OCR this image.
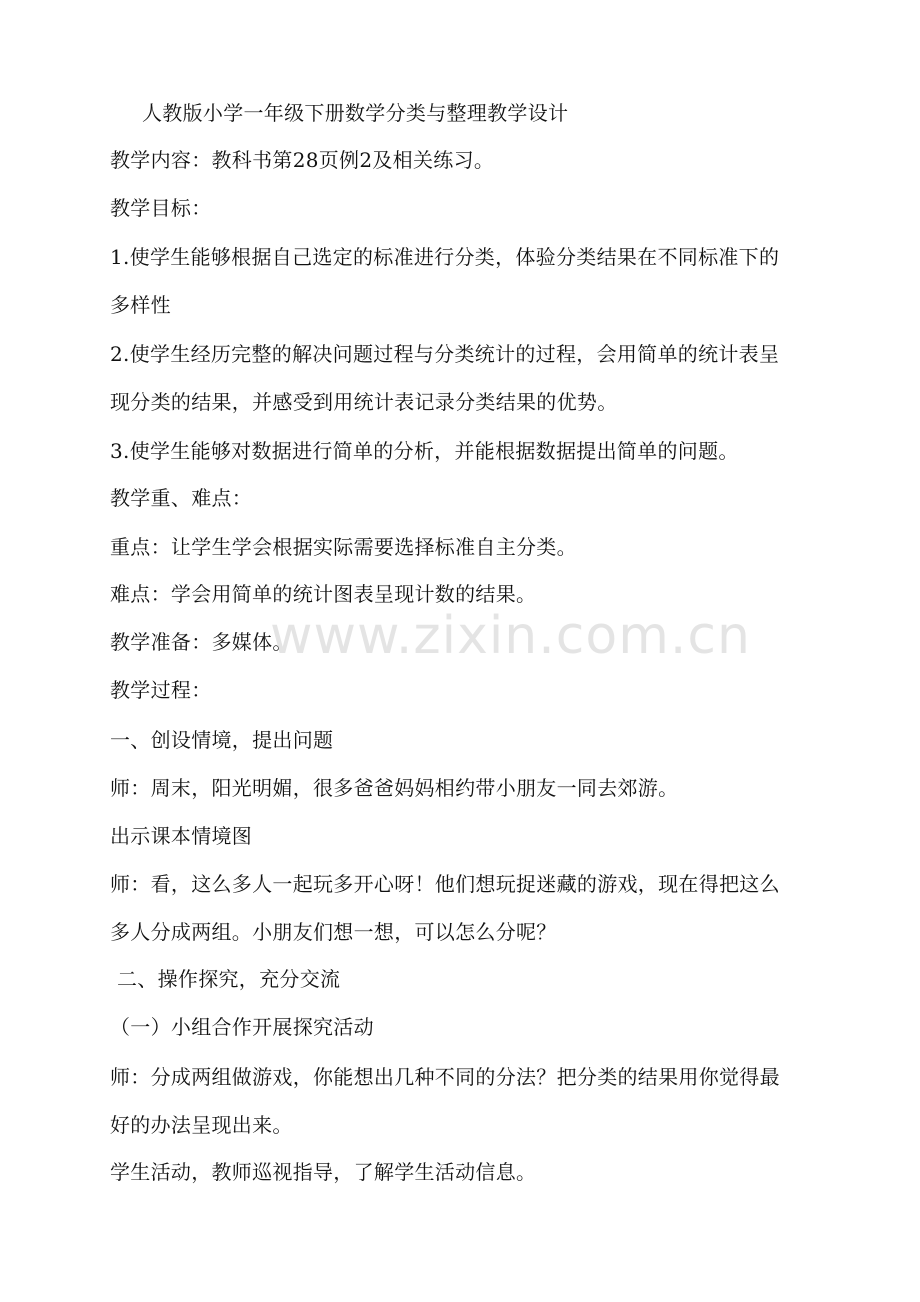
人教版小学一年级下册数学分类与整理教学设计
教学内容：教科书第28页例2及相关练习。
教学目标：
1.使学生能够根据自己选定的标准进行分类，体验分类结果在不同标准下的
多样性
2.使学生经历完整的解决问题过程与分类统计的过程，会用简单的统计表呈
现分类的结果，并感受到用统计表记录分类结果的优势。
3.使学生能够对数据进行简单的分析，并能根据数据提出简单的问题。
教学重、难点：
重点：让学生学会根据实际需要选择标准自主分类。
难点：学会用简单的统计图表呈现计数的结果。
教学准备：多媒体。
教学过程：
一、创设情境，提出问题
师：周末，阳光明媚，很多爸爸妈妈相约带小朋友一同去郊游。
出示课本情境图
师：看，这么多人一起玩多开心呀！他们想玩捉迷藏的游戏，现在得把这么
多人分成两组。小朋友们想一想，可以怎么分呢？
二、操作探究，充分交流
（一）小组合作开展探究活动
师：分成两组做游戏，你能想出几种不同的分法？把分类的结果用你觉得最
好的办法呈现出来。
学生活动，教师巡视指导，了解学生活动信息。
www.zixin.com.cn
